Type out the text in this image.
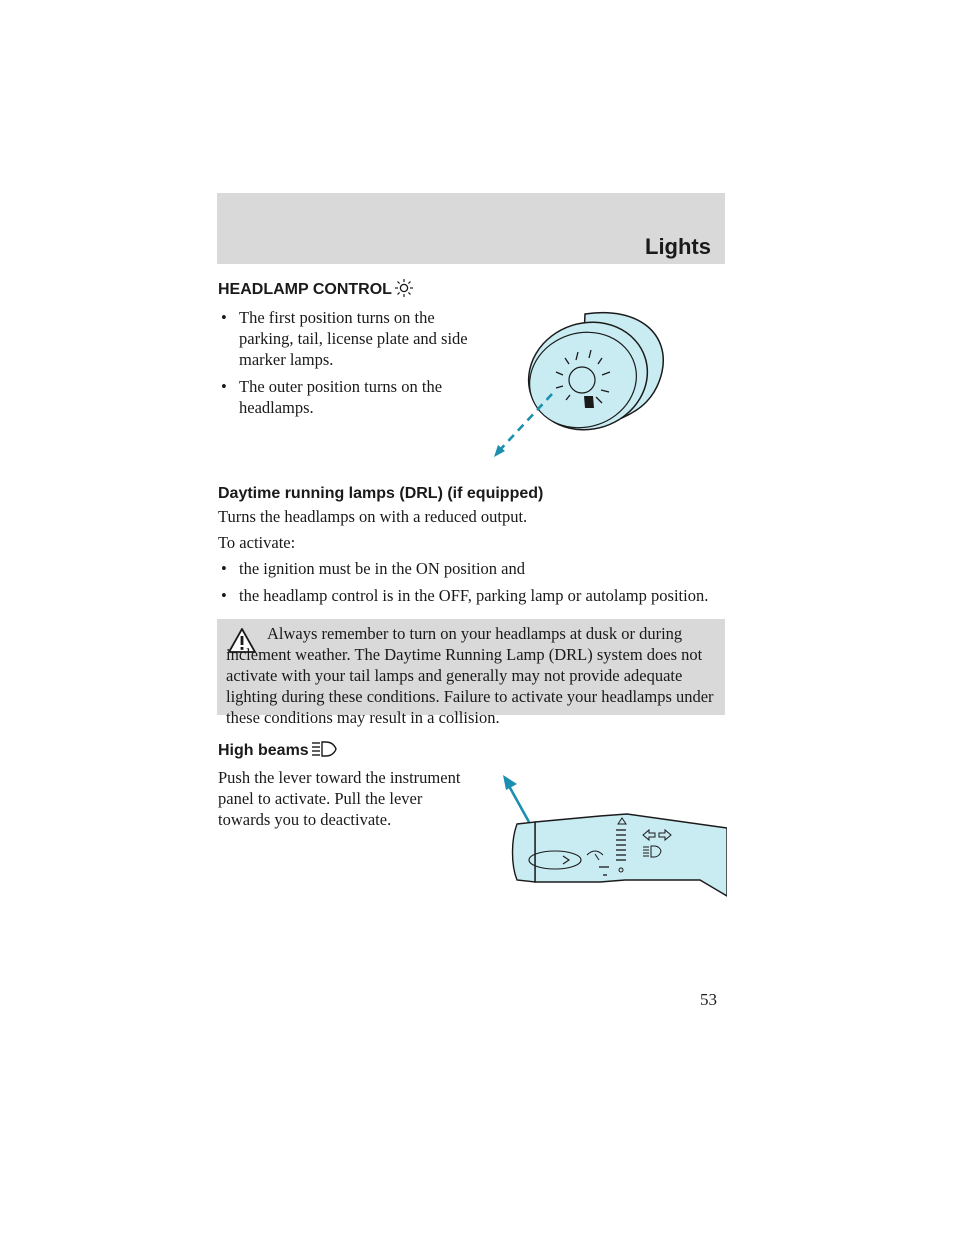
Lights
HEADLAMP CONTROL
• The first position turns on the parking, tail, license plate and side marker lamps.
• The outer position turns on the headlamps.
Daytime running lamps (DRL) (if equipped)
Turns the headlamps on with a reduced output.
To activate:
• the ignition must be in the ON position and
• the headlamp control is in the OFF, parking lamp or autolamp position.
Always remember to turn on your headlamps at dusk or during inclement weather. The Daytime Running Lamp (DRL) system does not activate with your tail lamps and generally may not provide adequate lighting during these conditions. Failure to activate your headlamps under these conditions may result in a collision.
High beams
Push the lever toward the instrument panel to activate. Pull the lever towards you to deactivate.
53
